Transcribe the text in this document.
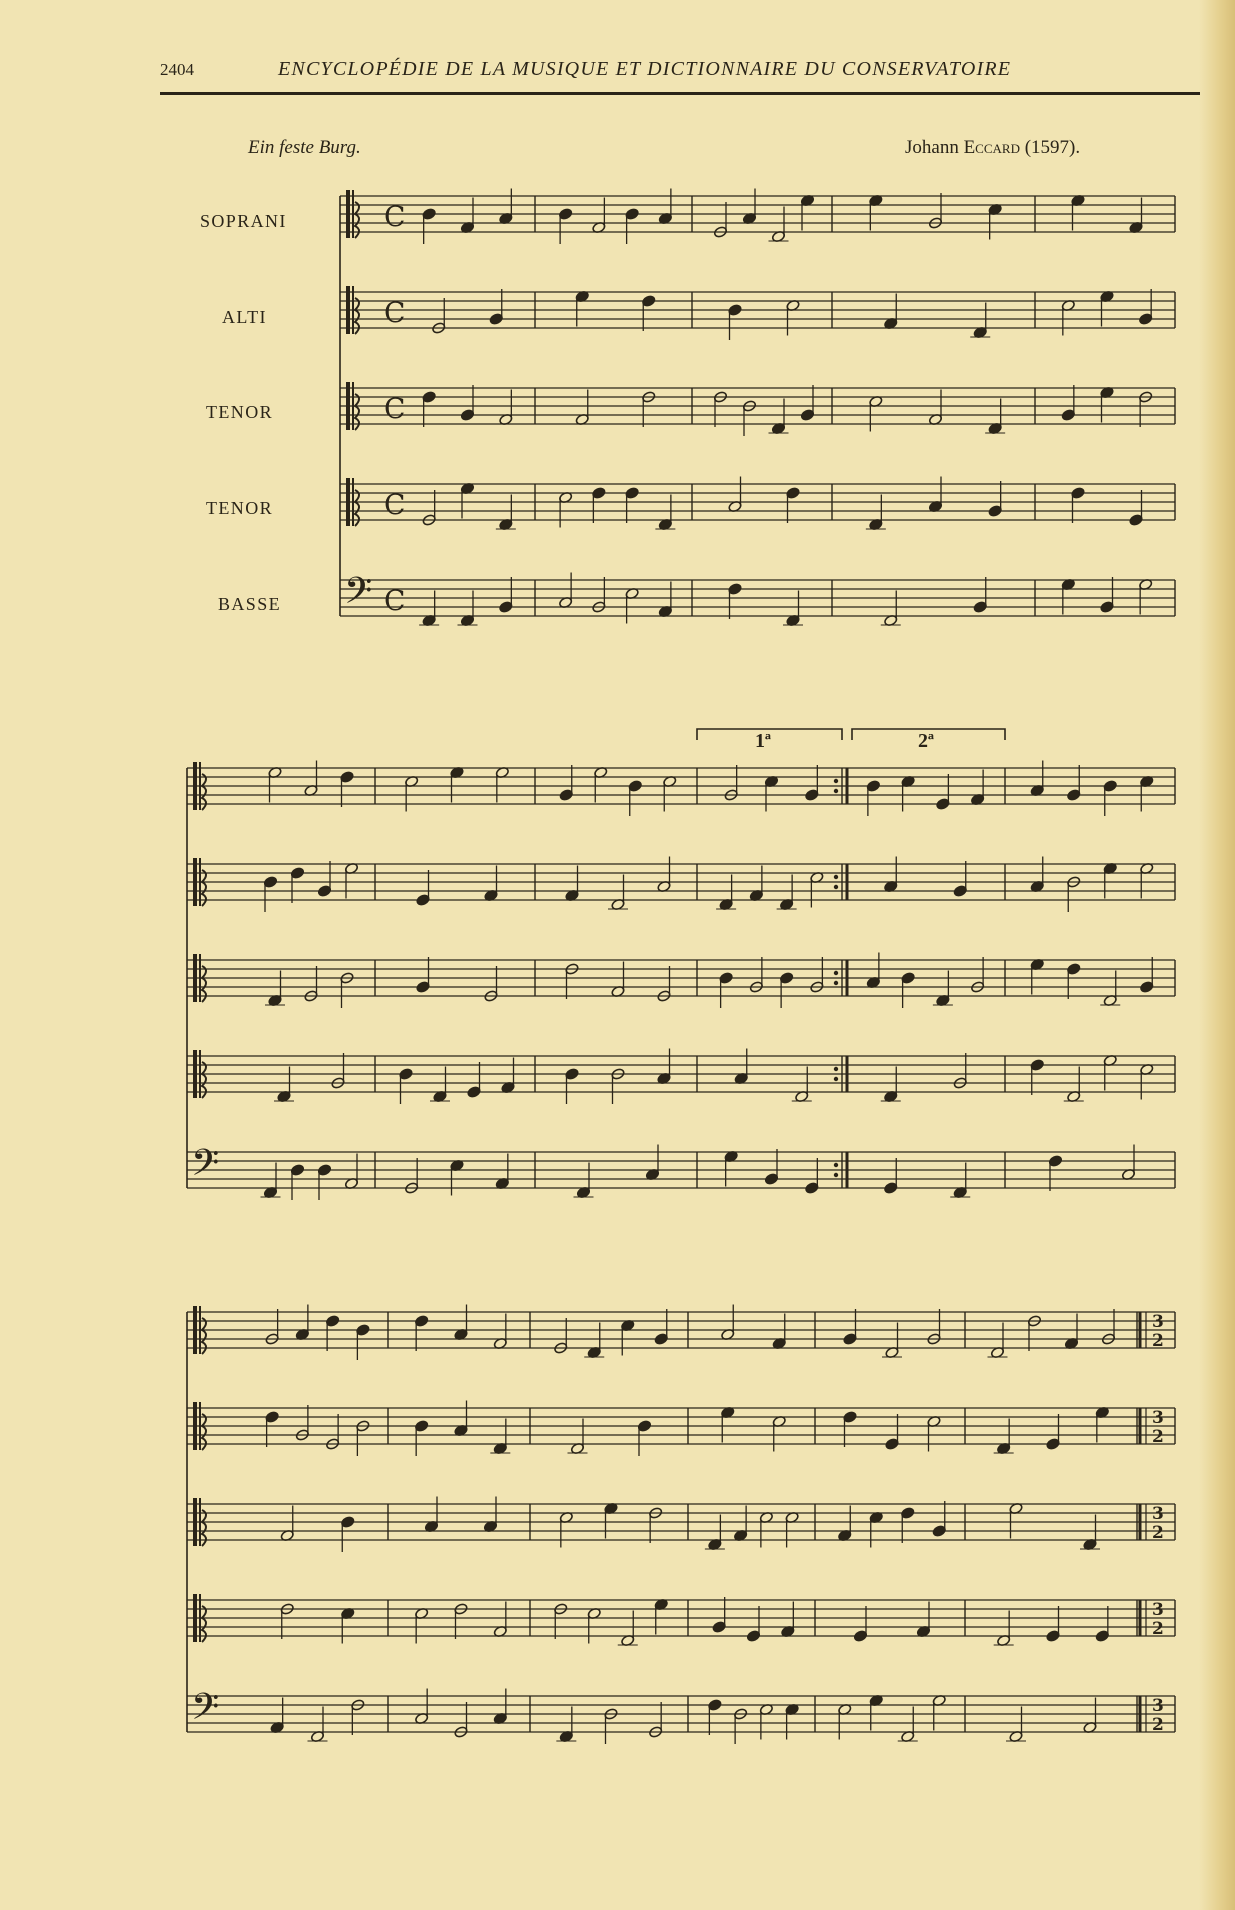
2404	ENCYCLOPÉDIE DE LA MUSIQUE ET DICTIONNAIRE DU CONSERVATOIRE
Ein feste Burg.	Johann Eccard (1597).
SOPRANI
ALTI
TENOR
TENOR
BASSE
1ª	2ª
C
C
C
C
𝄢 C
𝄢
𝄢
3
2
3
2
3
2
3
2
3
2
